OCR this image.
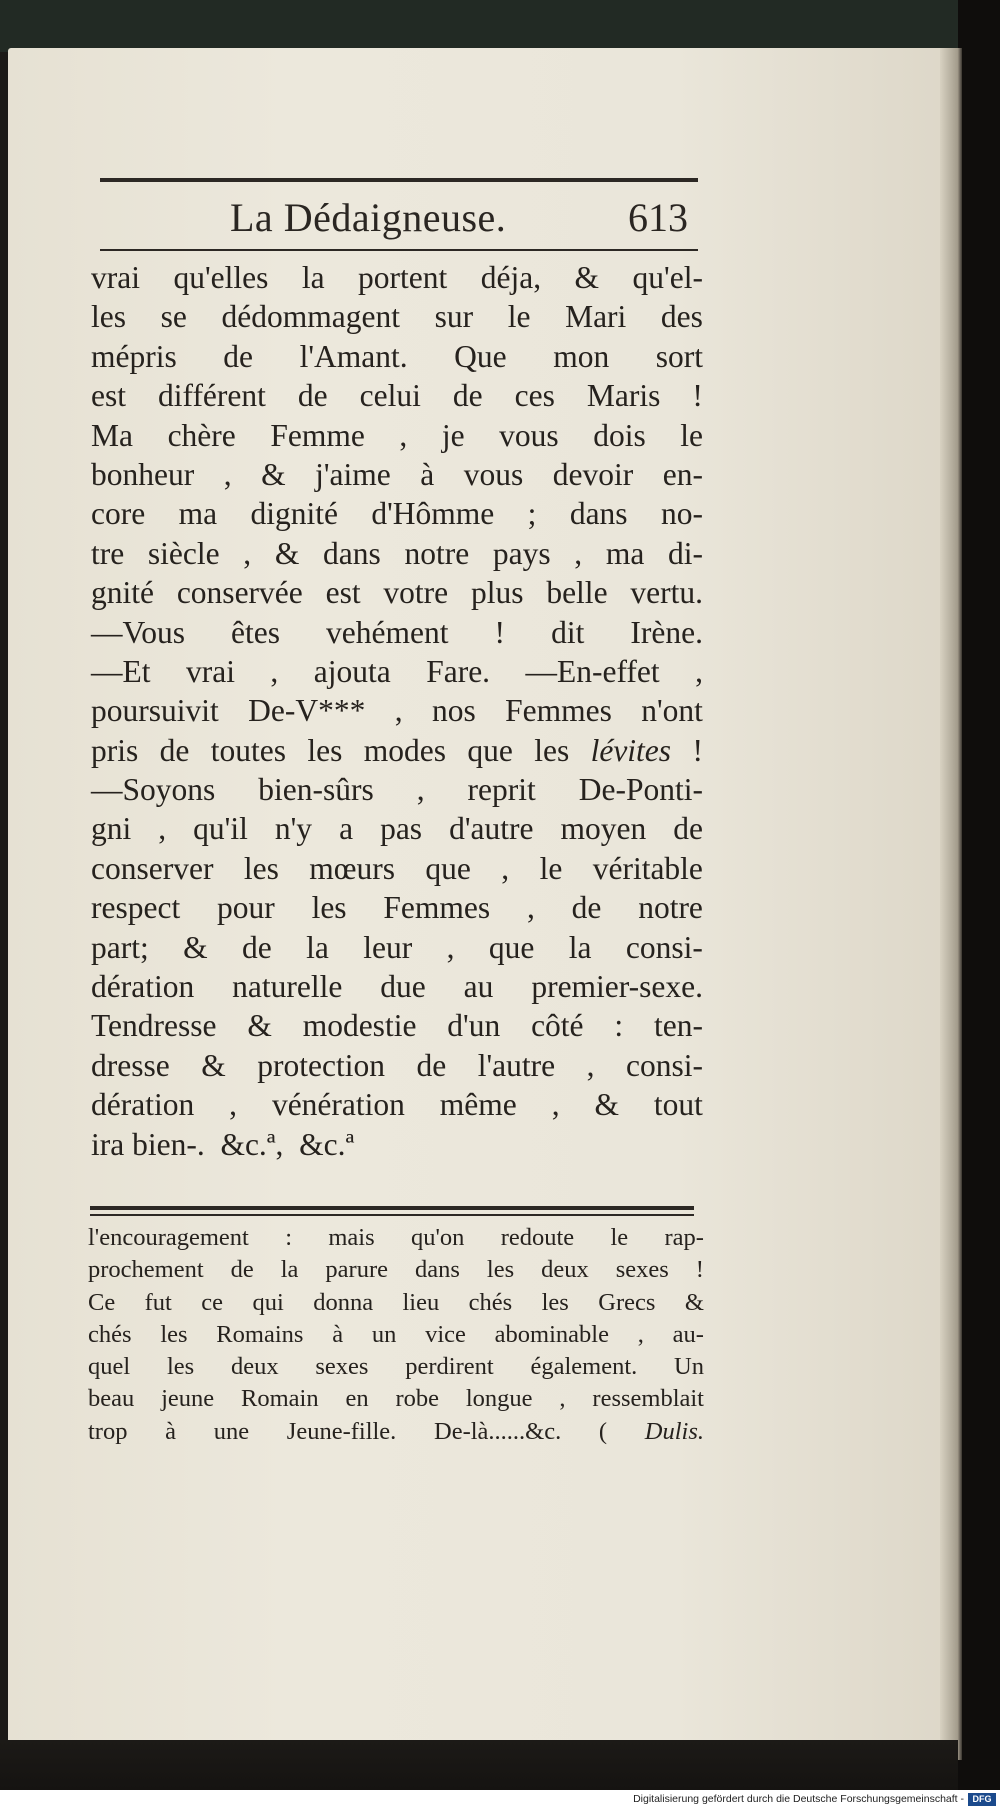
La Dédaigneuse.	613
vrai qu'elles la portent déja, & qu'el-
les se dédommagent sur le Mari des
mépris de l'Amant. Que mon sort
est différent de celui de ces Maris !
Ma chère Femme , je vous dois le
bonheur , & j'aime à vous devoir en-
core ma dignité d'Hômme ; dans no-
tre siècle , & dans notre pays , ma di-
gnité conservée est votre plus belle vertu.
—Vous êtes vehément ! dit Irène.
—Et vrai , ajouta Fare. —En-effet ,
poursuivit De-V*** , nos Femmes n'ont
pris de toutes les modes que les lévites !
—Soyons bien-sûrs , reprit De-Ponti-
gni , qu'il n'y a pas d'autre moyen de
conserver les mœurs que , le véritable
respect pour les Femmes , de notre
part; & de la leur , que la consi-
dération naturelle due au premier-sexe.
Tendresse & modestie d'un côté : ten-
dresse & protection de l'autre , consi-
dération , vénération même , & tout
ira bien-.  &c.ª,  &c.ª
l'encouragement : mais qu'on redoute le rap-
prochement de la parure dans les deux sexes !
Ce fut ce qui donna lieu chés les Grecs &
chés les Romains à un vice abominable , au-
quel les deux sexes perdirent également. Un
beau jeune Romain en robe longue , ressemblait
trop à une Jeune-fille. De-là......&c. ( Dulis.
Digitalisierung gefördert durch die Deutsche Forschungsgemeinschaft - DFG
